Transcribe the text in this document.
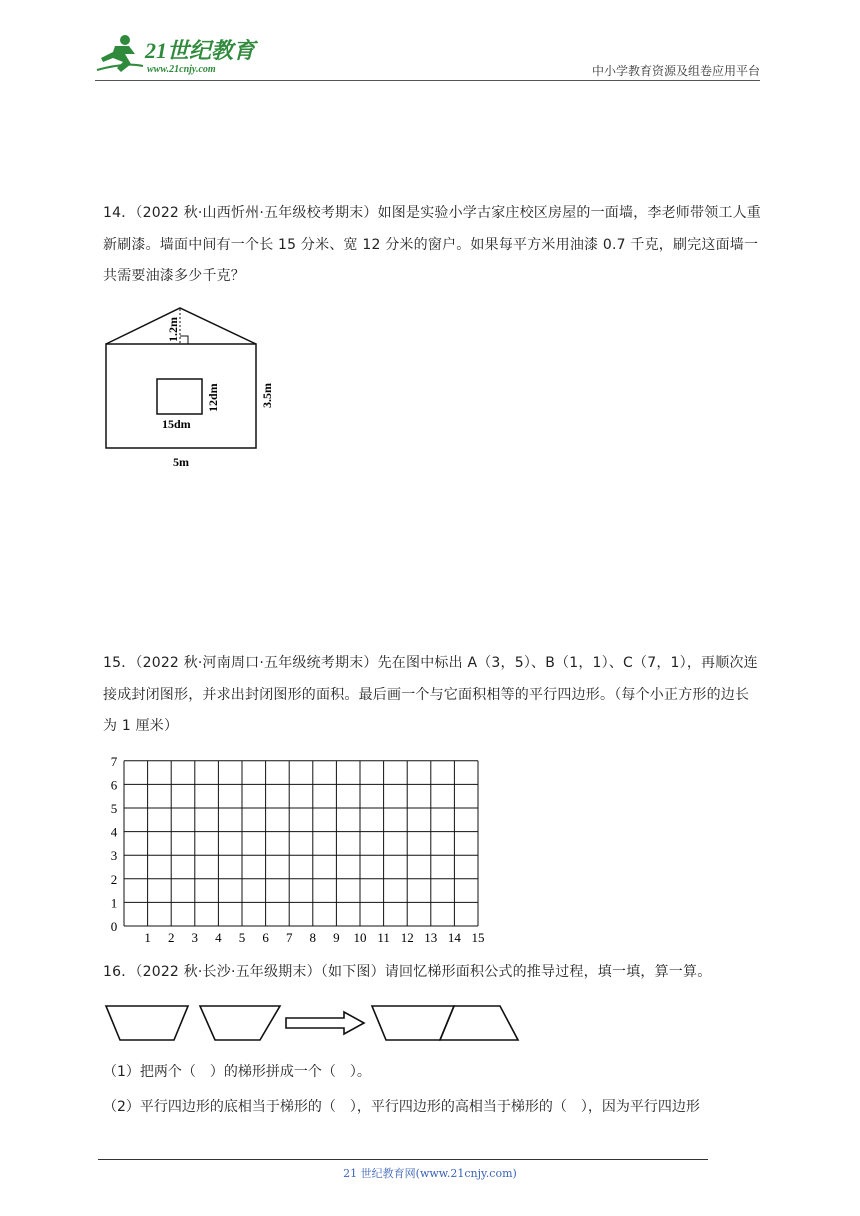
21世纪教育
www.21cnjy.com	中小学教育资源及组卷应用平台

14．（2022 秋·山西忻州·五年级校考期末）如图是实验小学古家庄校区房屋的一面墙，李老师带领工人重新刷漆。墙面中间有一个长 15 分米、宽 12 分米的窗户。如果每平方米用油漆 0.7 千克，刷完这面墙一共需要油漆多少千克？

1.2m
12dm
15dm
3.5m
5m

15．（2022 秋·河南周口·五年级统考期末）先在图中标出 A（3，5）、B（1，1）、C（7，1），再顺次连接成封闭图形，并求出封闭图形的面积。最后画一个与它面积相等的平行四边形。（每个小正方形的边长为 1 厘米）

1 2 3 4 5 6 7 8 9 10 11 12 13 14 15
0
1
2
3
4
5
6
7

16．（2022 秋·长沙·五年级期末）（如下图）请回忆梯形面积公式的推导过程，填一填，算一算。

（1）把两个（　）的梯形拼成一个（　）。
（2）平行四边形的底相当于梯形的（　），平行四边形的高相当于梯形的（　），因为平行四边形
21 世纪教育网(www.21cnjy.com)
